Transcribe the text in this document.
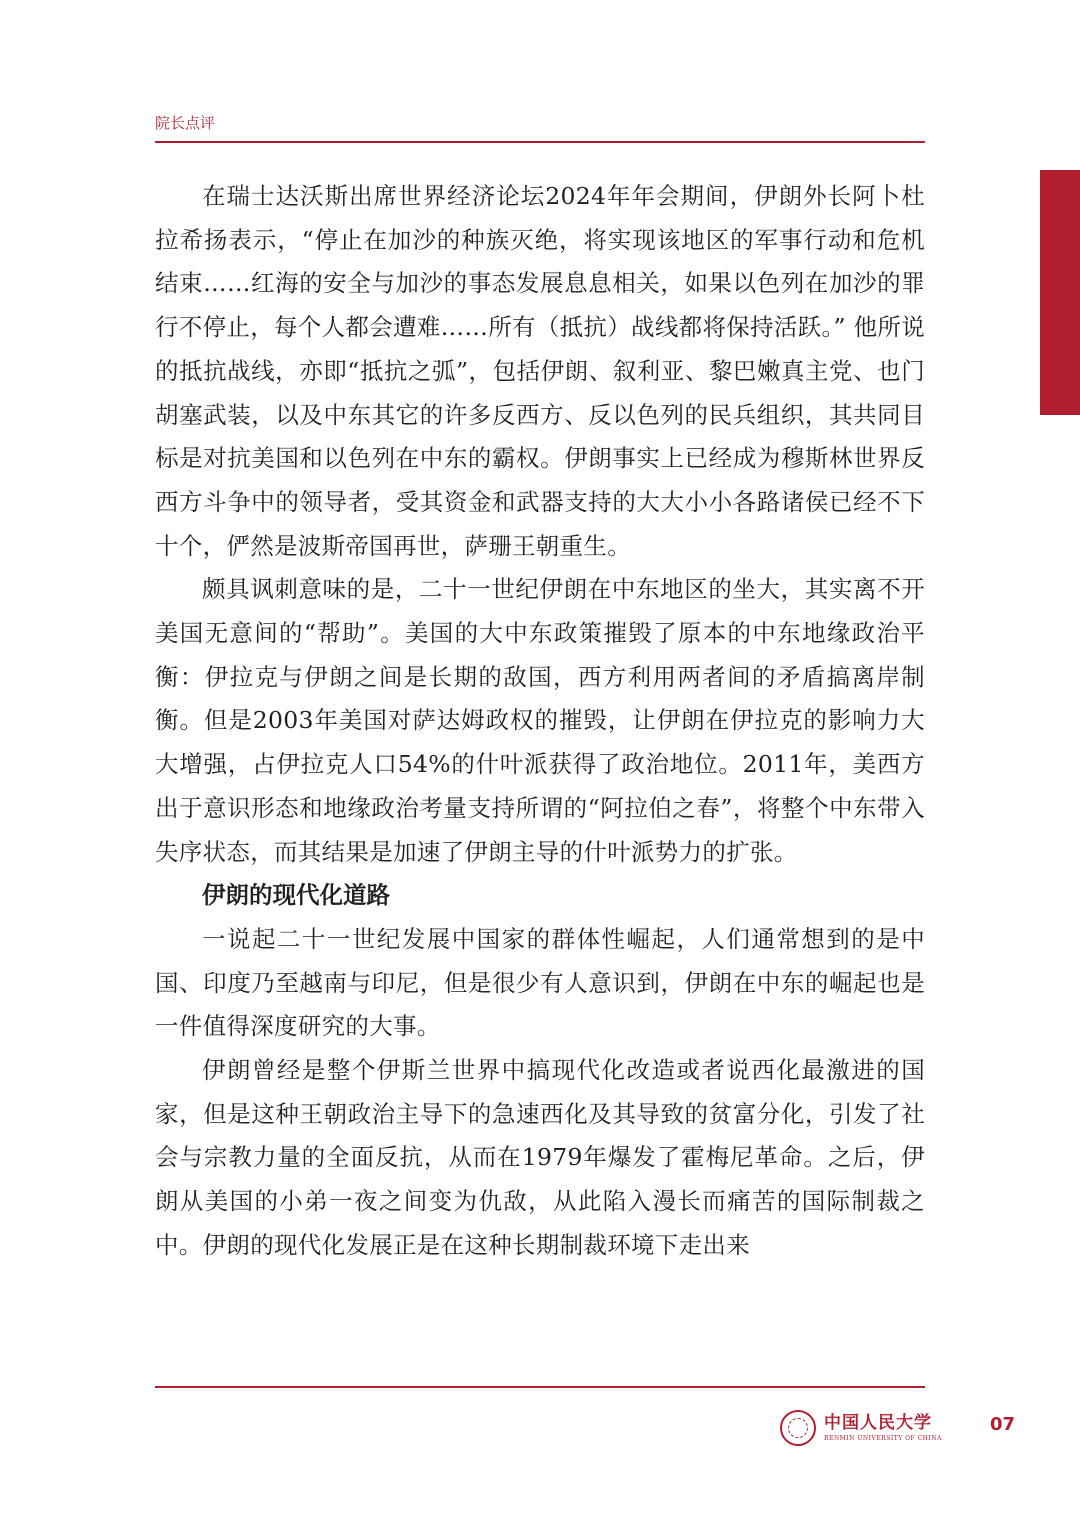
院长点评

在瑞士达沃斯出席世界经济论坛2024年年会期间，伊朗外长阿卜杜拉希扬表示，“停止在加沙的种族灭绝，将实现该地区的军事行动和危机结束……红海的安全与加沙的事态发展息息相关，如果以色列在加沙的罪行不停止，每个人都会遭难……所有（抵抗）战线都将保持活跃。” 他所说的抵抗战线，亦即“抵抗之弧”，包括伊朗、叙利亚、黎巴嫩真主党、也门胡塞武装，以及中东其它的许多反西方、反以色列的民兵组织，其共同目标是对抗美国和以色列在中东的霸权。伊朗事实上已经成为穆斯林世界反西方斗争中的领导者，受其资金和武器支持的大大小小各路诸侯已经不下十个，俨然是波斯帝国再世，萨珊王朝重生。

颇具讽刺意味的是，二十一世纪伊朗在中东地区的坐大，其实离不开美国无意间的“帮助”。美国的大中东政策摧毁了原本的中东地缘政治平衡：伊拉克与伊朗之间是长期的敌国，西方利用两者间的矛盾搞离岸制衡。但是2003年美国对萨达姆政权的摧毁，让伊朗在伊拉克的影响力大大增强，占伊拉克人口54%的什叶派获得了政治地位。2011年，美西方出于意识形态和地缘政治考量支持所谓的“阿拉伯之春”，将整个中东带入失序状态，而其结果是加速了伊朗主导的什叶派势力的扩张。

伊朗的现代化道路

一说起二十一世纪发展中国家的群体性崛起，人们通常想到的是中国、印度乃至越南与印尼，但是很少有人意识到，伊朗在中东的崛起也是一件值得深度研究的大事。

伊朗曾经是整个伊斯兰世界中搞现代化改造或者说西化最激进的国家，但是这种王朝政治主导下的急速西化及其导致的贫富分化，引发了社会与宗教力量的全面反抗，从而在1979年爆发了霍梅尼革命。之后，伊朗从美国的小弟一夜之间变为仇敌，从此陷入漫长而痛苦的国际制裁之中。伊朗的现代化发展正是在这种长期制裁环境下走出来

中国人民大学
RENMIN UNIVERSITY OF CHINA
07
